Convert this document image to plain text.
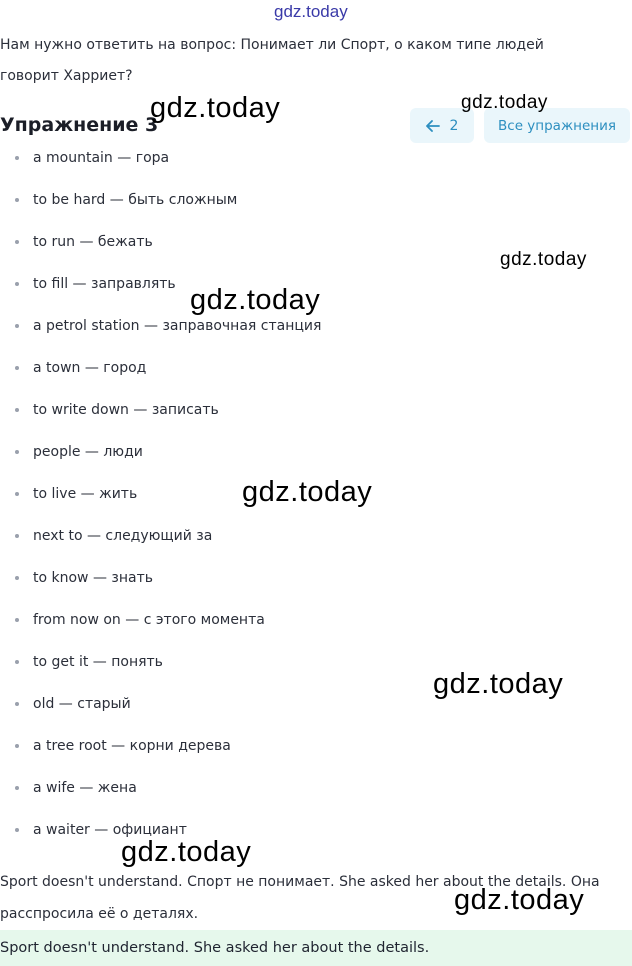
gdz.today
Нам нужно ответить на вопрос: Понимает ли Спорт, о каком типе людей говорит Харриет?
Упражнение 3	2	Все упражнения
a mountain — гора
to be hard — быть сложным
to run — бежать
to fill — заправлять
a petrol station — заправочная станция
a town — город
to write down — записать
people — люди
to live — жить
next to — следующий за
to know — знать
from now on — с этого момента
to get it — понять
old — старый
a tree root — корни дерева
a wife — жена
a waiter — официант
Sport doesn't understand. Спорт не понимает. She asked her about the details. Она расспросила её о деталях.
Sport doesn't understand. She asked her about the details.
gdz.today	gdz.today
gdz.today
gdz.today
gdz.today
gdz.today
gdz.today
gdz.today
